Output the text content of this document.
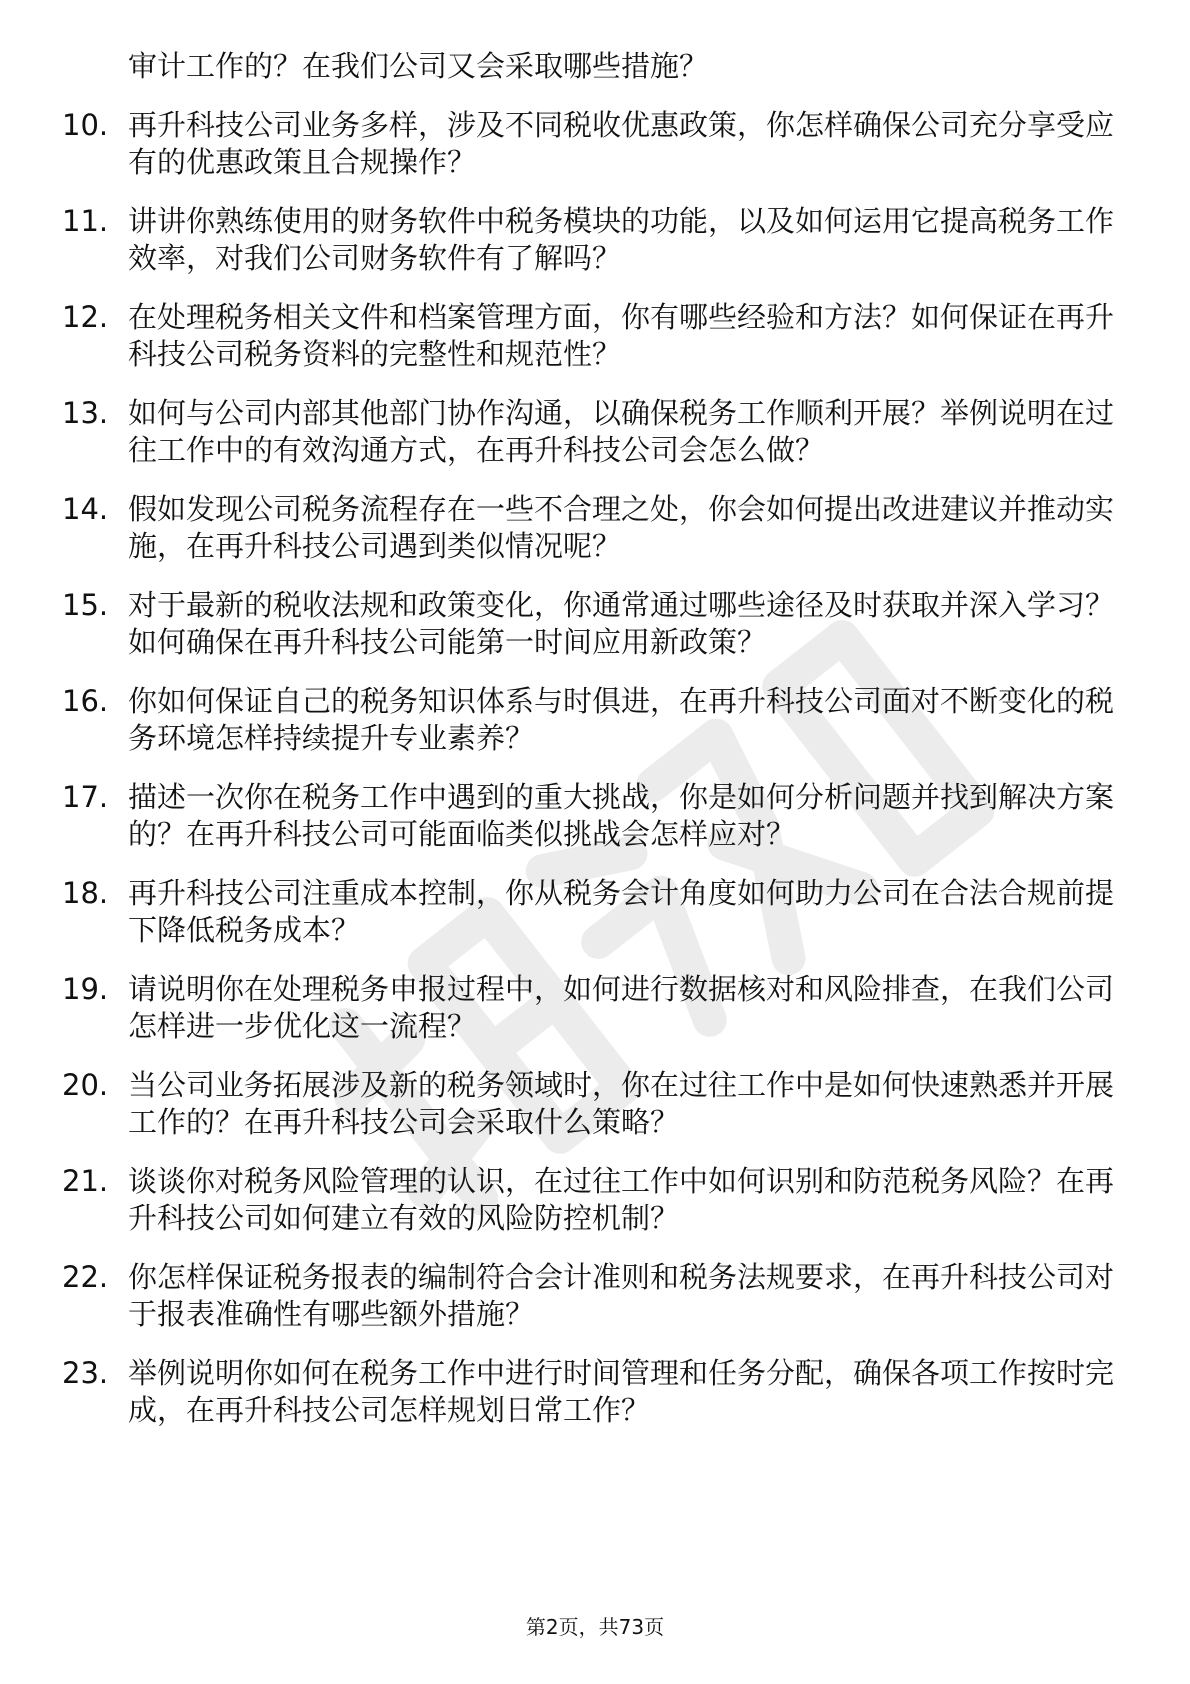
审计工作的？在我们公司又会采取哪些措施？
10. 再升科技公司业务多样，涉及不同税收优惠政策，你怎样确保公司充分享受应有的优惠政策且合规操作？
11. 讲讲你熟练使用的财务软件中税务模块的功能，以及如何运用它提高税务工作效率，对我们公司财务软件有了解吗？
12. 在处理税务相关文件和档案管理方面，你有哪些经验和方法？如何保证在再升科技公司税务资料的完整性和规范性？
13. 如何与公司内部其他部门协作沟通，以确保税务工作顺利开展？举例说明在过往工作中的有效沟通方式，在再升科技公司会怎么做？
14. 假如发现公司税务流程存在一些不合理之处，你会如何提出改进建议并推动实施，在再升科技公司遇到类似情况呢？
15. 对于最新的税收法规和政策变化，你通常通过哪些途径及时获取并深入学习？如何确保在再升科技公司能第一时间应用新政策？
16. 你如何保证自己的税务知识体系与时俱进，在再升科技公司面对不断变化的税务环境怎样持续提升专业素养？
17. 描述一次你在税务工作中遇到的重大挑战，你是如何分析问题并找到解决方案的？在再升科技公司可能面临类似挑战会怎样应对？
18. 再升科技公司注重成本控制，你从税务会计角度如何助力公司在合法合规前提下降低税务成本？
19. 请说明你在处理税务申报过程中，如何进行数据核对和风险排查，在我们公司怎样进一步优化这一流程？
20. 当公司业务拓展涉及新的税务领域时，你在过往工作中是如何快速熟悉并开展工作的？在再升科技公司会采取什么策略？
21. 谈谈你对税务风险管理的认识，在过往工作中如何识别和防范税务风险？在再升科技公司如何建立有效的风险防控机制？
22. 你怎样保证税务报表的编制符合会计准则和税务法规要求，在再升科技公司对于报表准确性有哪些额外措施？
23. 举例说明你如何在税务工作中进行时间管理和任务分配，确保各项工作按时完成，在再升科技公司怎样规划日常工作？
第2页，共73页
